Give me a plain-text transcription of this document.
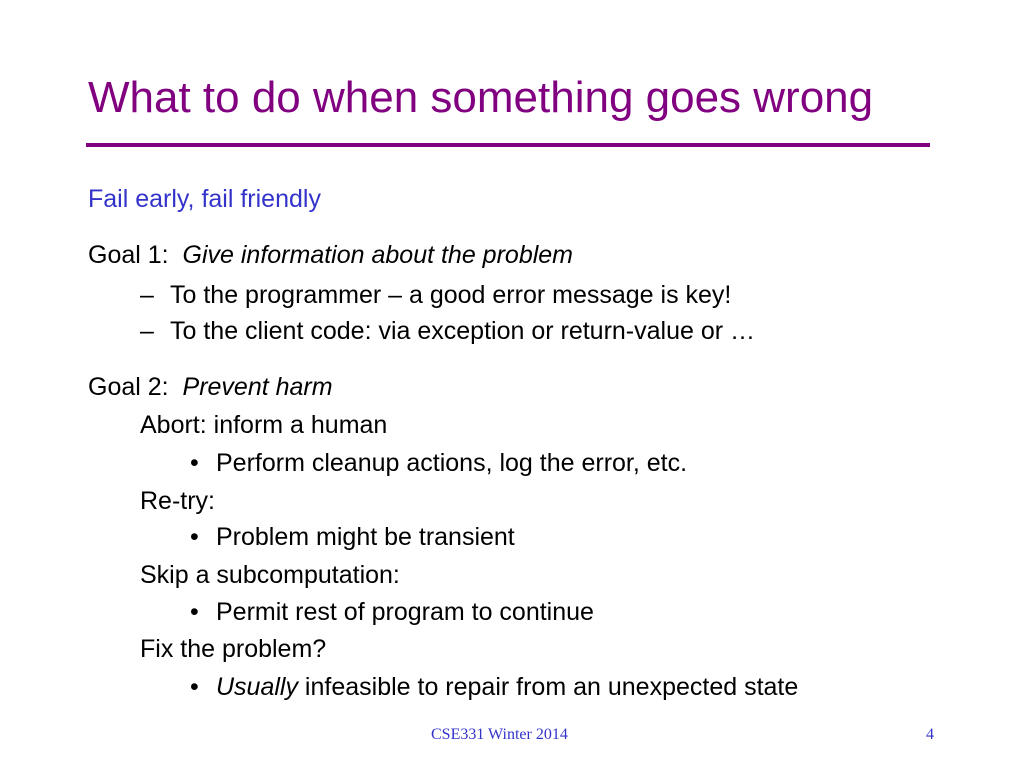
What to do when something goes wrong
Fail early, fail friendly
Goal 1: Give information about the problem
– To the programmer – a good error message is key!
– To the client code: via exception or return-value or …
Goal 2: Prevent harm
Abort: inform a human
• Perform cleanup actions, log the error, etc.
Re-try:
• Problem might be transient
Skip a subcomputation:
• Permit rest of program to continue
Fix the problem?
• Usually infeasible to repair from an unexpected state
CSE331 Winter 2014	4
